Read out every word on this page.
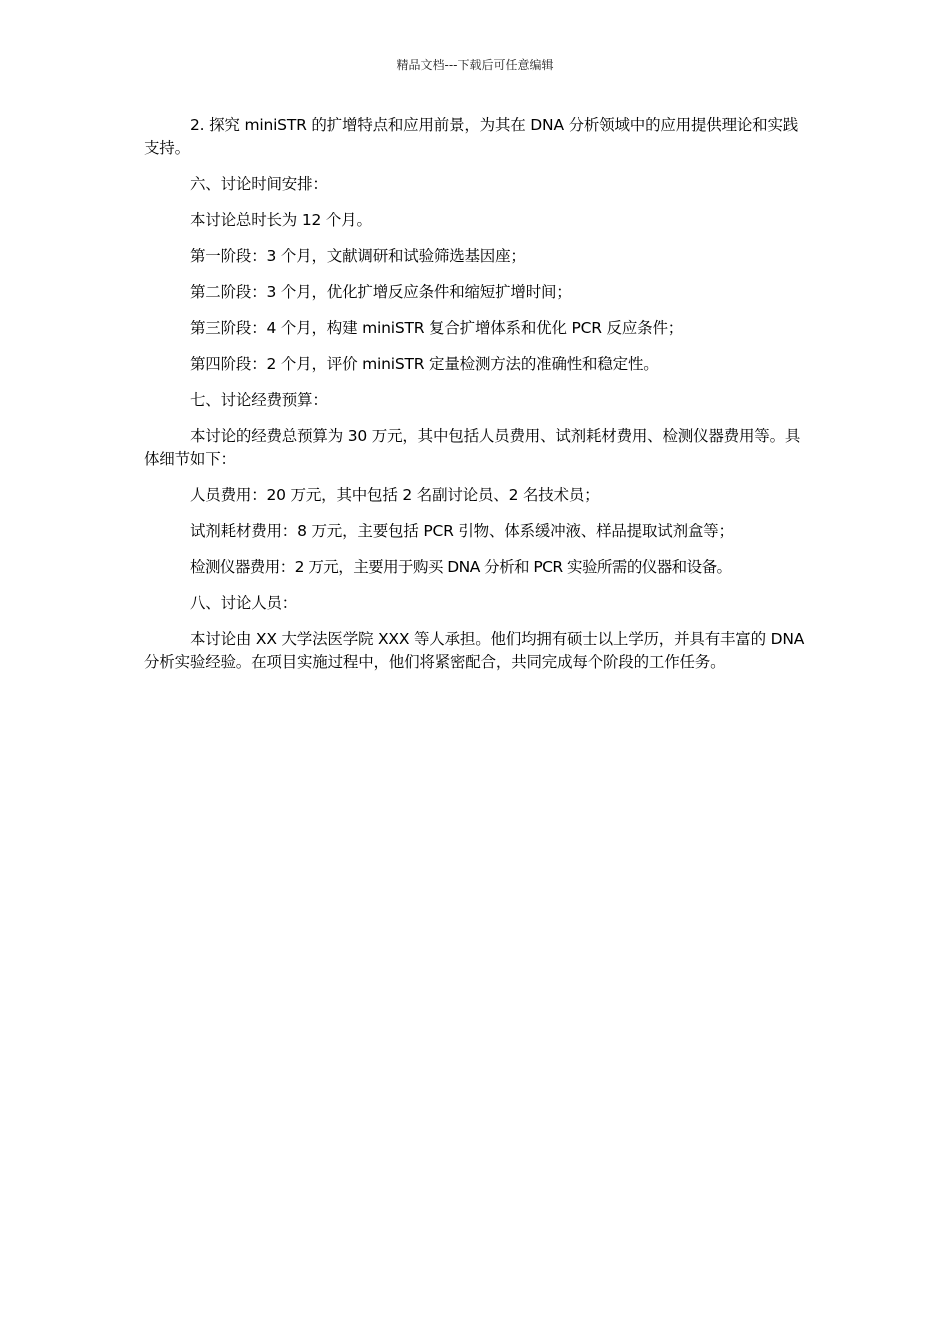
精品文档---下载后可任意编辑

2. 探究 miniSTR 的扩增特点和应用前景，为其在 DNA 分析领域中的应用提供理论和实践支持。

六、讨论时间安排：

本讨论总时长为 12 个月。

第一阶段：3 个月，文献调研和试验筛选基因座；

第二阶段：3 个月，优化扩增反应条件和缩短扩增时间；

第三阶段：4 个月，构建 miniSTR 复合扩增体系和优化 PCR 反应条件；

第四阶段：2 个月，评价 miniSTR 定量检测方法的准确性和稳定性。

七、讨论经费预算：

本讨论的经费总预算为 30 万元，其中包括人员费用、试剂耗材费用、检测仪器费用等。具体细节如下：

人员费用：20 万元，其中包括 2 名副讨论员、2 名技术员；

试剂耗材费用：8 万元，主要包括 PCR 引物、体系缓冲液、样品提取试剂盒等；

检测仪器费用：2 万元，主要用于购买 DNA 分析和 PCR 实验所需的仪器和设备。

八、讨论人员：

本讨论由 XX 大学法医学院 XXX 等人承担。他们均拥有硕士以上学历，并具有丰富的 DNA 分析实验经验。在项目实施过程中，他们将紧密配合，共同完成每个阶段的工作任务。
